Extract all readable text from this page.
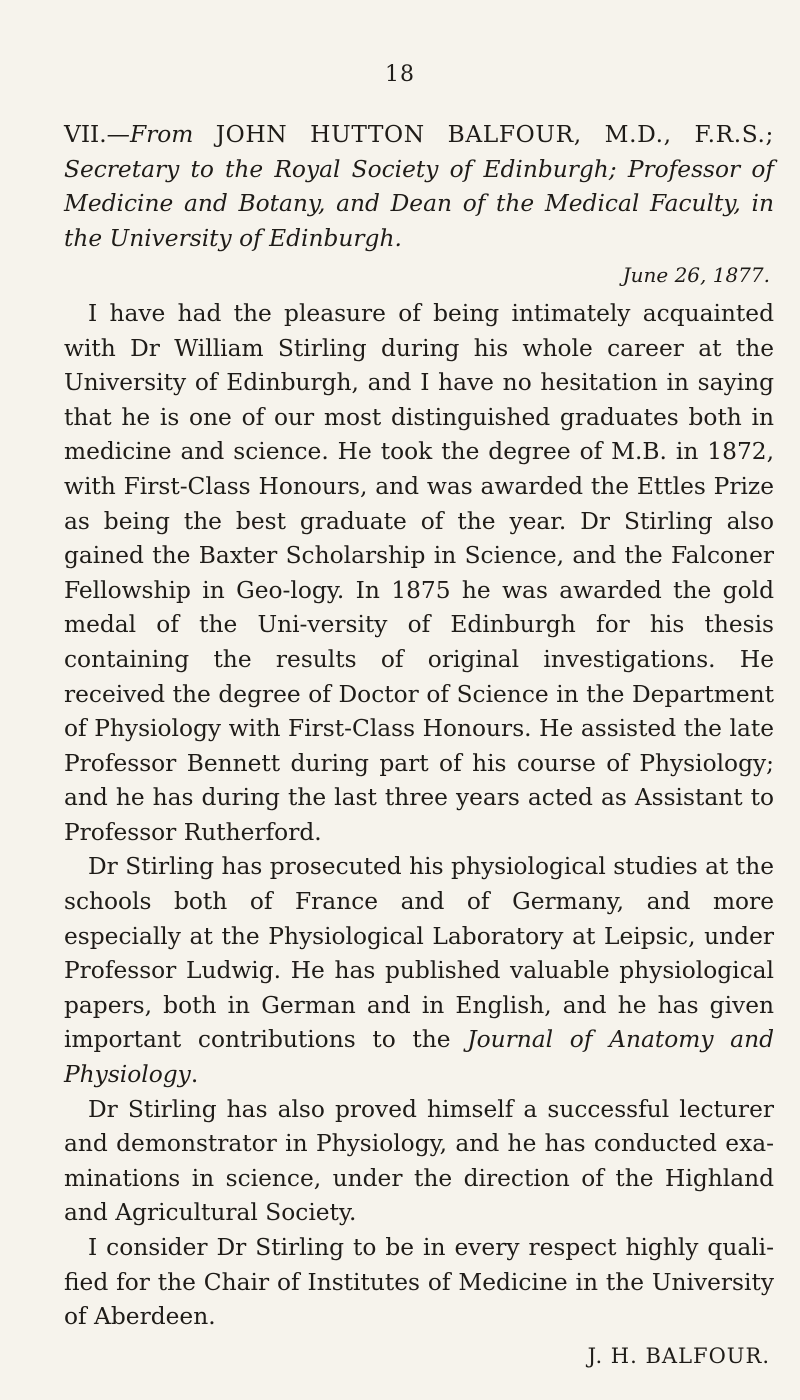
18

VII.—From JOHN HUTTON BALFOUR, M.D., F.R.S.; Secretary to the Royal Society of Edinburgh; Professor of Medicine and Botany, and Dean of the Medical Faculty, in the University of Edinburgh.

June 26, 1877.

I have had the pleasure of being intimately acquainted with Dr William Stirling during his whole career at the University of Edinburgh, and I have no hesitation in saying that he is one of our most distinguished graduates both in medicine and science. He took the degree of M.B. in 1872, with First-Class Honours, and was awarded the Ettles Prize as being the best graduate of the year. Dr Stirling also gained the Baxter Scholarship in Science, and the Falconer Fellowship in Geo-logy. In 1875 he was awarded the gold medal of the Uni-versity of Edinburgh for his thesis containing the results of original investigations. He received the degree of Doctor of Science in the Department of Physiology with First-Class Honours. He assisted the late Professor Bennett during part of his course of Physiology; and he has during the last three years acted as Assistant to Professor Rutherford.

Dr Stirling has prosecuted his physiological studies at the schools both of France and of Germany, and more especially at the Physiological Laboratory at Leipsic, under Professor Ludwig. He has published valuable physiological papers, both in German and in English, and he has given important contributions to the Journal of Anatomy and Physiology.

Dr Stirling has also proved himself a successful lecturer and demonstrator in Physiology, and he has conducted exa-minations in science, under the direction of the Highland and Agricultural Society.

I consider Dr Stirling to be in every respect highly quali-fied for the Chair of Institutes of Medicine in the University of Aberdeen.

J. H. BALFOUR.
